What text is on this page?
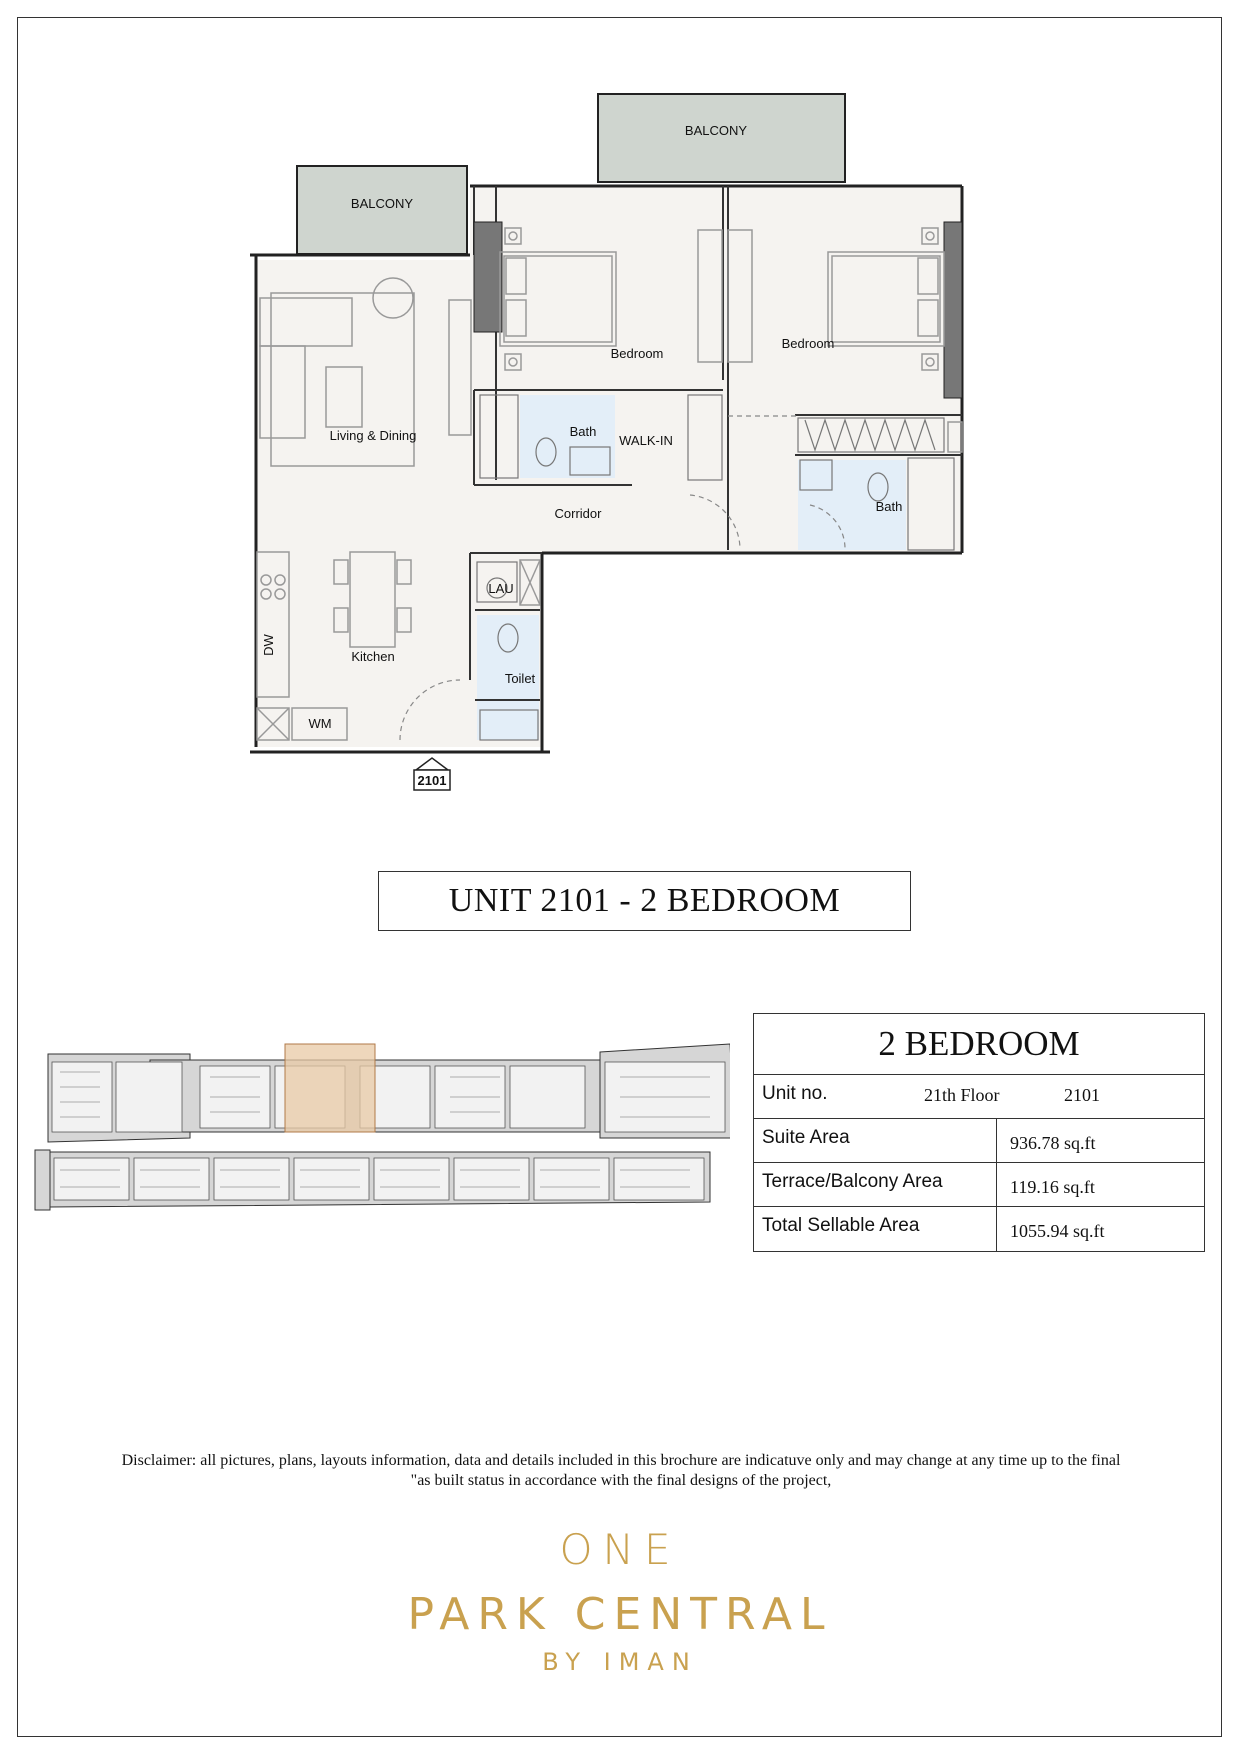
2101
BALCONY
BALCONY
Bedroom
Bedroom
Living & Dining	Bath
WALK-IN
Bath
Corridor
LAU
Kitchen
Toilet
DW
WM
UNIT 2101 - 2 BEDROOM
2 BEDROOM
Unit no.	21th Floor	2101
Suite Area	936.78 sq.ft
Terrace/Balcony Area	119.16 sq.ft
Total Sellable Area	1055.94 sq.ft
Disclaimer: all pictures, plans, layouts information, data and details included in this brochure are indicatuve only and may change at any time up to the final
"as built status in accordance with the final designs of the project,
ONE
PARK CENTRAL
BY IMAN
